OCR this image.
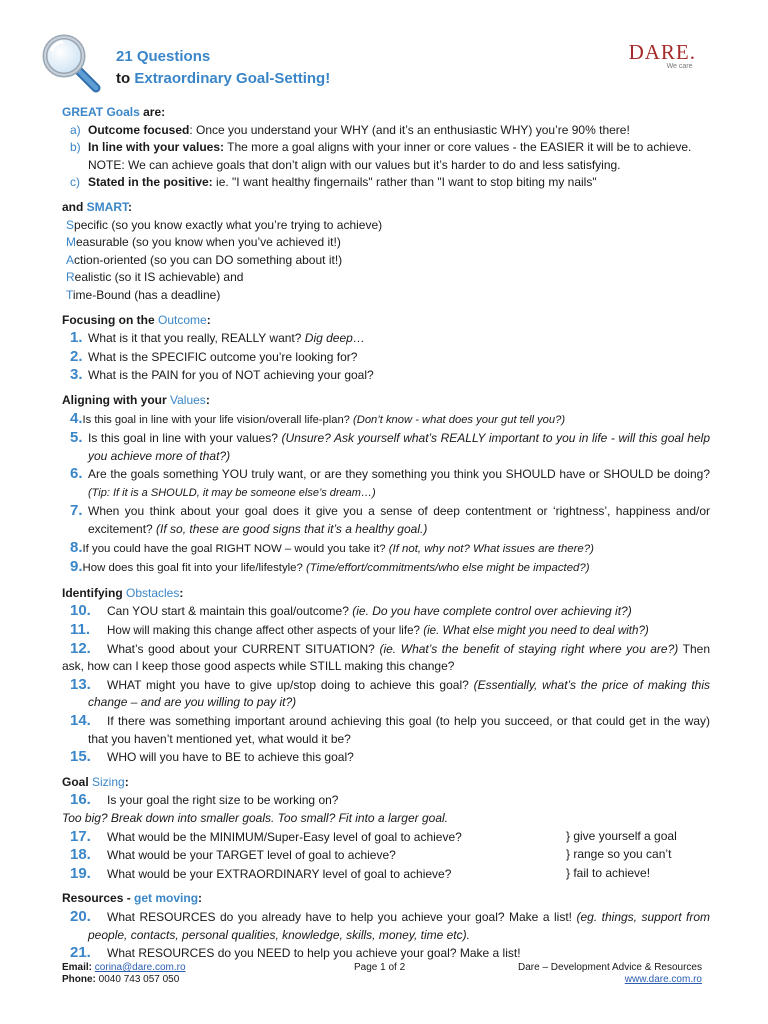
21 Questions
to Extraordinary Goal-Setting!
DARE.
We care
GREAT Goals are:
a) Outcome focused: Once you understand your WHY (and it’s an enthusiastic WHY) you’re 90% there!
b) In line with your values: The more a goal aligns with your inner or core values - the EASIER it will be to achieve.
NOTE: We can achieve goals that don’t align with our values but it’s harder to do and less satisfying.
c) Stated in the positive: ie. "I want healthy fingernails" rather than "I want to stop biting my nails"
and SMART:
Specific (so you know exactly what you’re trying to achieve)
Measurable (so you know when you’ve achieved it!)
Action-oriented (so you can DO something about it!)
Realistic (so it IS achievable) and
Time-Bound (has a deadline)
Focusing on the Outcome:
1. What is it that you really, REALLY want? Dig deep…
2. What is the SPECIFIC outcome you’re looking for?
3. What is the PAIN for you of NOT achieving your goal?
Aligning with your Values:
4.Is this goal in line with your life vision/overall life-plan? (Don’t know - what does your gut tell you?)
5. Is this goal in line with your values? (Unsure? Ask yourself what’s REALLY important to you in life - will this goal help you achieve more of that?)
6. Are the goals something YOU truly want, or are they something you think you SHOULD have or SHOULD be doing? (Tip: If it is a SHOULD, it may be someone else’s dream…)
7. When you think about your goal does it give you a sense of deep contentment or ‘rightness’, happiness and/or excitement? (If so, these are good signs that it’s a healthy goal.)
8.If you could have the goal RIGHT NOW – would you take it? (If not, why not? What issues are there?)
9.How does this goal fit into your life/lifestyle? (Time/effort/commitments/who else might be impacted?)
Identifying Obstacles:
10. Can YOU start & maintain this goal/outcome? (ie. Do you have complete control over achieving it?)
11. How will making this change affect other aspects of your life? (ie. What else might you need to deal with?)
12. What’s good about your CURRENT SITUATION? (ie. What’s the benefit of staying right where you are?) Then ask, how can I keep those good aspects while STILL making this change?
13. WHAT might you have to give up/stop doing to achieve this goal? (Essentially, what’s the price of making this change – and are you willing to pay it?)
14. If there was something important around achieving this goal (to help you succeed, or that could get in the way) that you haven’t mentioned yet, what would it be?
15. WHO will you have to BE to achieve this goal?
Goal Sizing:
16. Is your goal the right size to be working on?
Too big? Break down into smaller goals. Too small? Fit into a larger goal.
17. What would be the MINIMUM/Super-Easy level of goal to achieve?	} give yourself a goal
18. What would be your TARGET level of goal to achieve?	} range so you can’t
19. What would be your EXTRAORDINARY level of goal to achieve?	} fail to achieve!
Resources - get moving:
20. What RESOURCES do you already have to help you achieve your goal? Make a list! (eg. things, support from people, contacts, personal qualities, knowledge, skills, money, time etc).
21. What RESOURCES do you NEED to help you achieve your goal? Make a list!
Email: corina@dare.com.ro
Phone: 0040 743 057 050
Page 1 of 2	Dare – Development Advice & Resources
www.dare.com.ro
